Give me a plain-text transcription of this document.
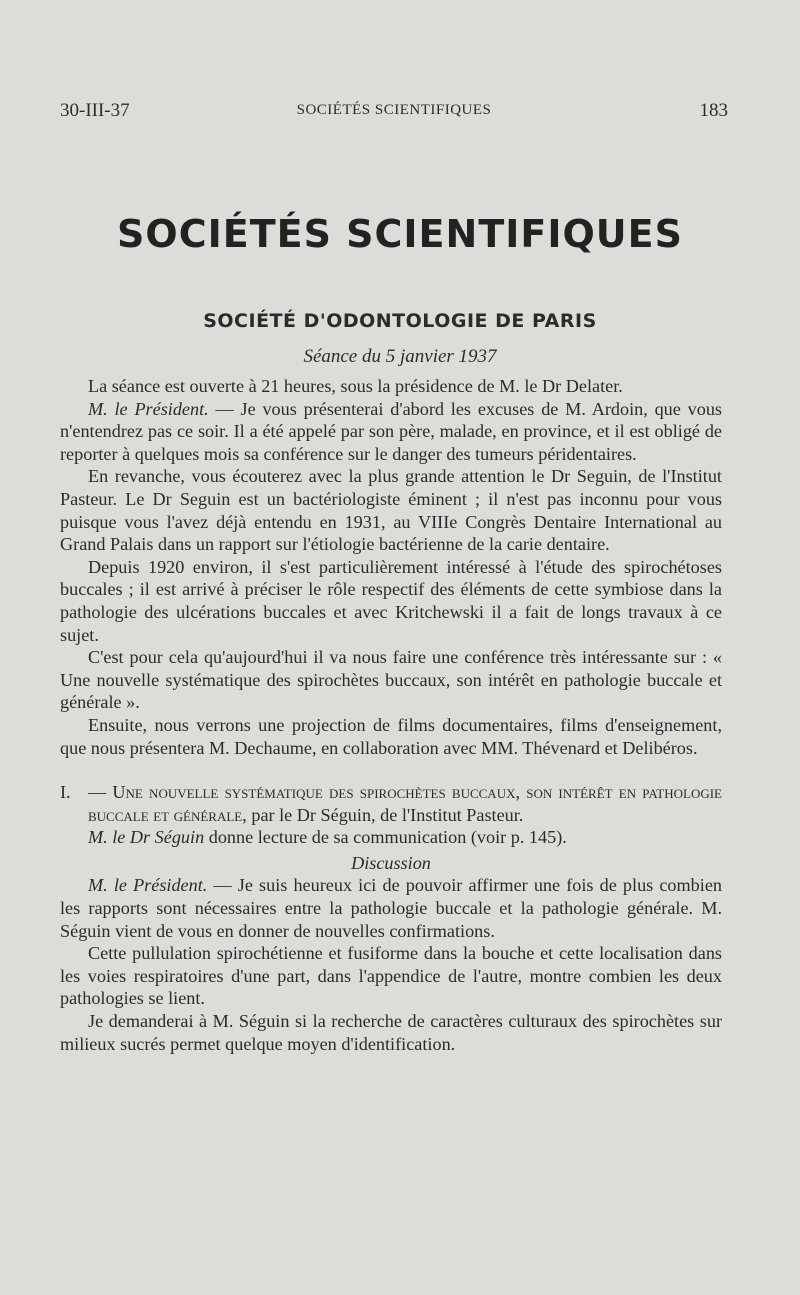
30-III-37	SOCIÉTÉS SCIENTIFIQUES	183
SOCIÉTÉS SCIENTIFIQUES
SOCIÉTÉ D'ODONTOLOGIE DE PARIS
Séance du 5 janvier 1937

La séance est ouverte à 21 heures, sous la présidence de M. le Dr Delater.

M. le Président. — Je vous présenterai d'abord les excuses de M. Ardoin, que vous n'entendrez pas ce soir. Il a été appelé par son père, malade, en province, et il est obligé de reporter à quelques mois sa conférence sur le danger des tumeurs péridentaires.

En revanche, vous écouterez avec la plus grande attention le Dr Seguin, de l'Institut Pasteur. Le Dr Seguin est un bactériologiste éminent ; il n'est pas inconnu pour vous puisque vous l'avez déjà entendu en 1931, au VIIIe Congrès Dentaire International au Grand Palais dans un rapport sur l'étiologie bactérienne de la carie dentaire.

Depuis 1920 environ, il s'est particulièrement intéressé à l'étude des spirochétoses buccales ; il est arrivé à préciser le rôle respectif des éléments de cette symbiose dans la pathologie des ulcérations buccales et avec Kritchewski il a fait de longs travaux à ce sujet.

C'est pour cela qu'aujourd'hui il va nous faire une conférence très intéressante sur : « Une nouvelle systématique des spirochètes buccaux, son intérêt en pathologie buccale et générale ».

Ensuite, nous verrons une projection de films documentaires, films d'enseignement, que nous présentera M. Dechaume, en collaboration avec MM. Thévenard et Delibéros.

I. — Une nouvelle systématique des spirochètes buccaux, son intérêt en pathologie buccale et générale, par le Dr Séguin, de l'Institut Pasteur.

M. le Dr Séguin donne lecture de sa communication (voir p. 145).

Discussion

M. le Président. — Je suis heureux ici de pouvoir affirmer une fois de plus combien les rapports sont nécessaires entre la pathologie buccale et la pathologie générale. M. Séguin vient de vous en donner de nouvelles confirmations.

Cette pullulation spirochétienne et fusiforme dans la bouche et cette localisation dans les voies respiratoires d'une part, dans l'appendice de l'autre, montre combien les deux pathologies se lient.

Je demanderai à M. Séguin si la recherche de caractères culturaux des spirochètes sur milieux sucrés permet quelque moyen d'identification.
